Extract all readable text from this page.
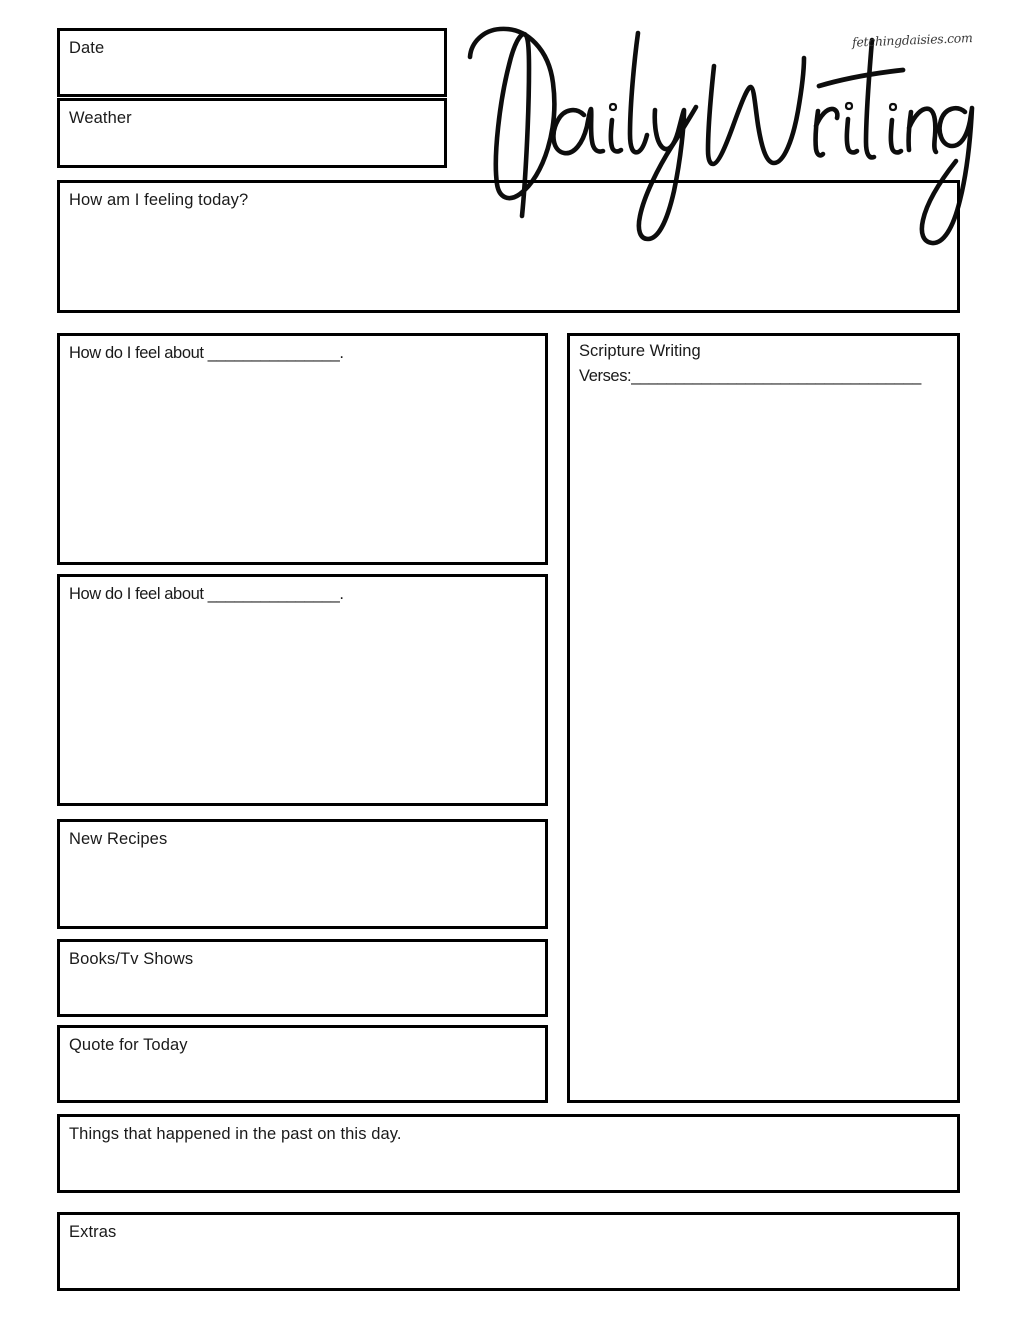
fetchingdaisies.com
Date
Weather
How am I feeling today?
How do I feel about _______________.
How do I feel about _______________.
New Recipes
Books/Tv Shows
Quote for Today
Scripture Writing
Verses:_________________________________
Things that happened in the past on this day.
Extras
